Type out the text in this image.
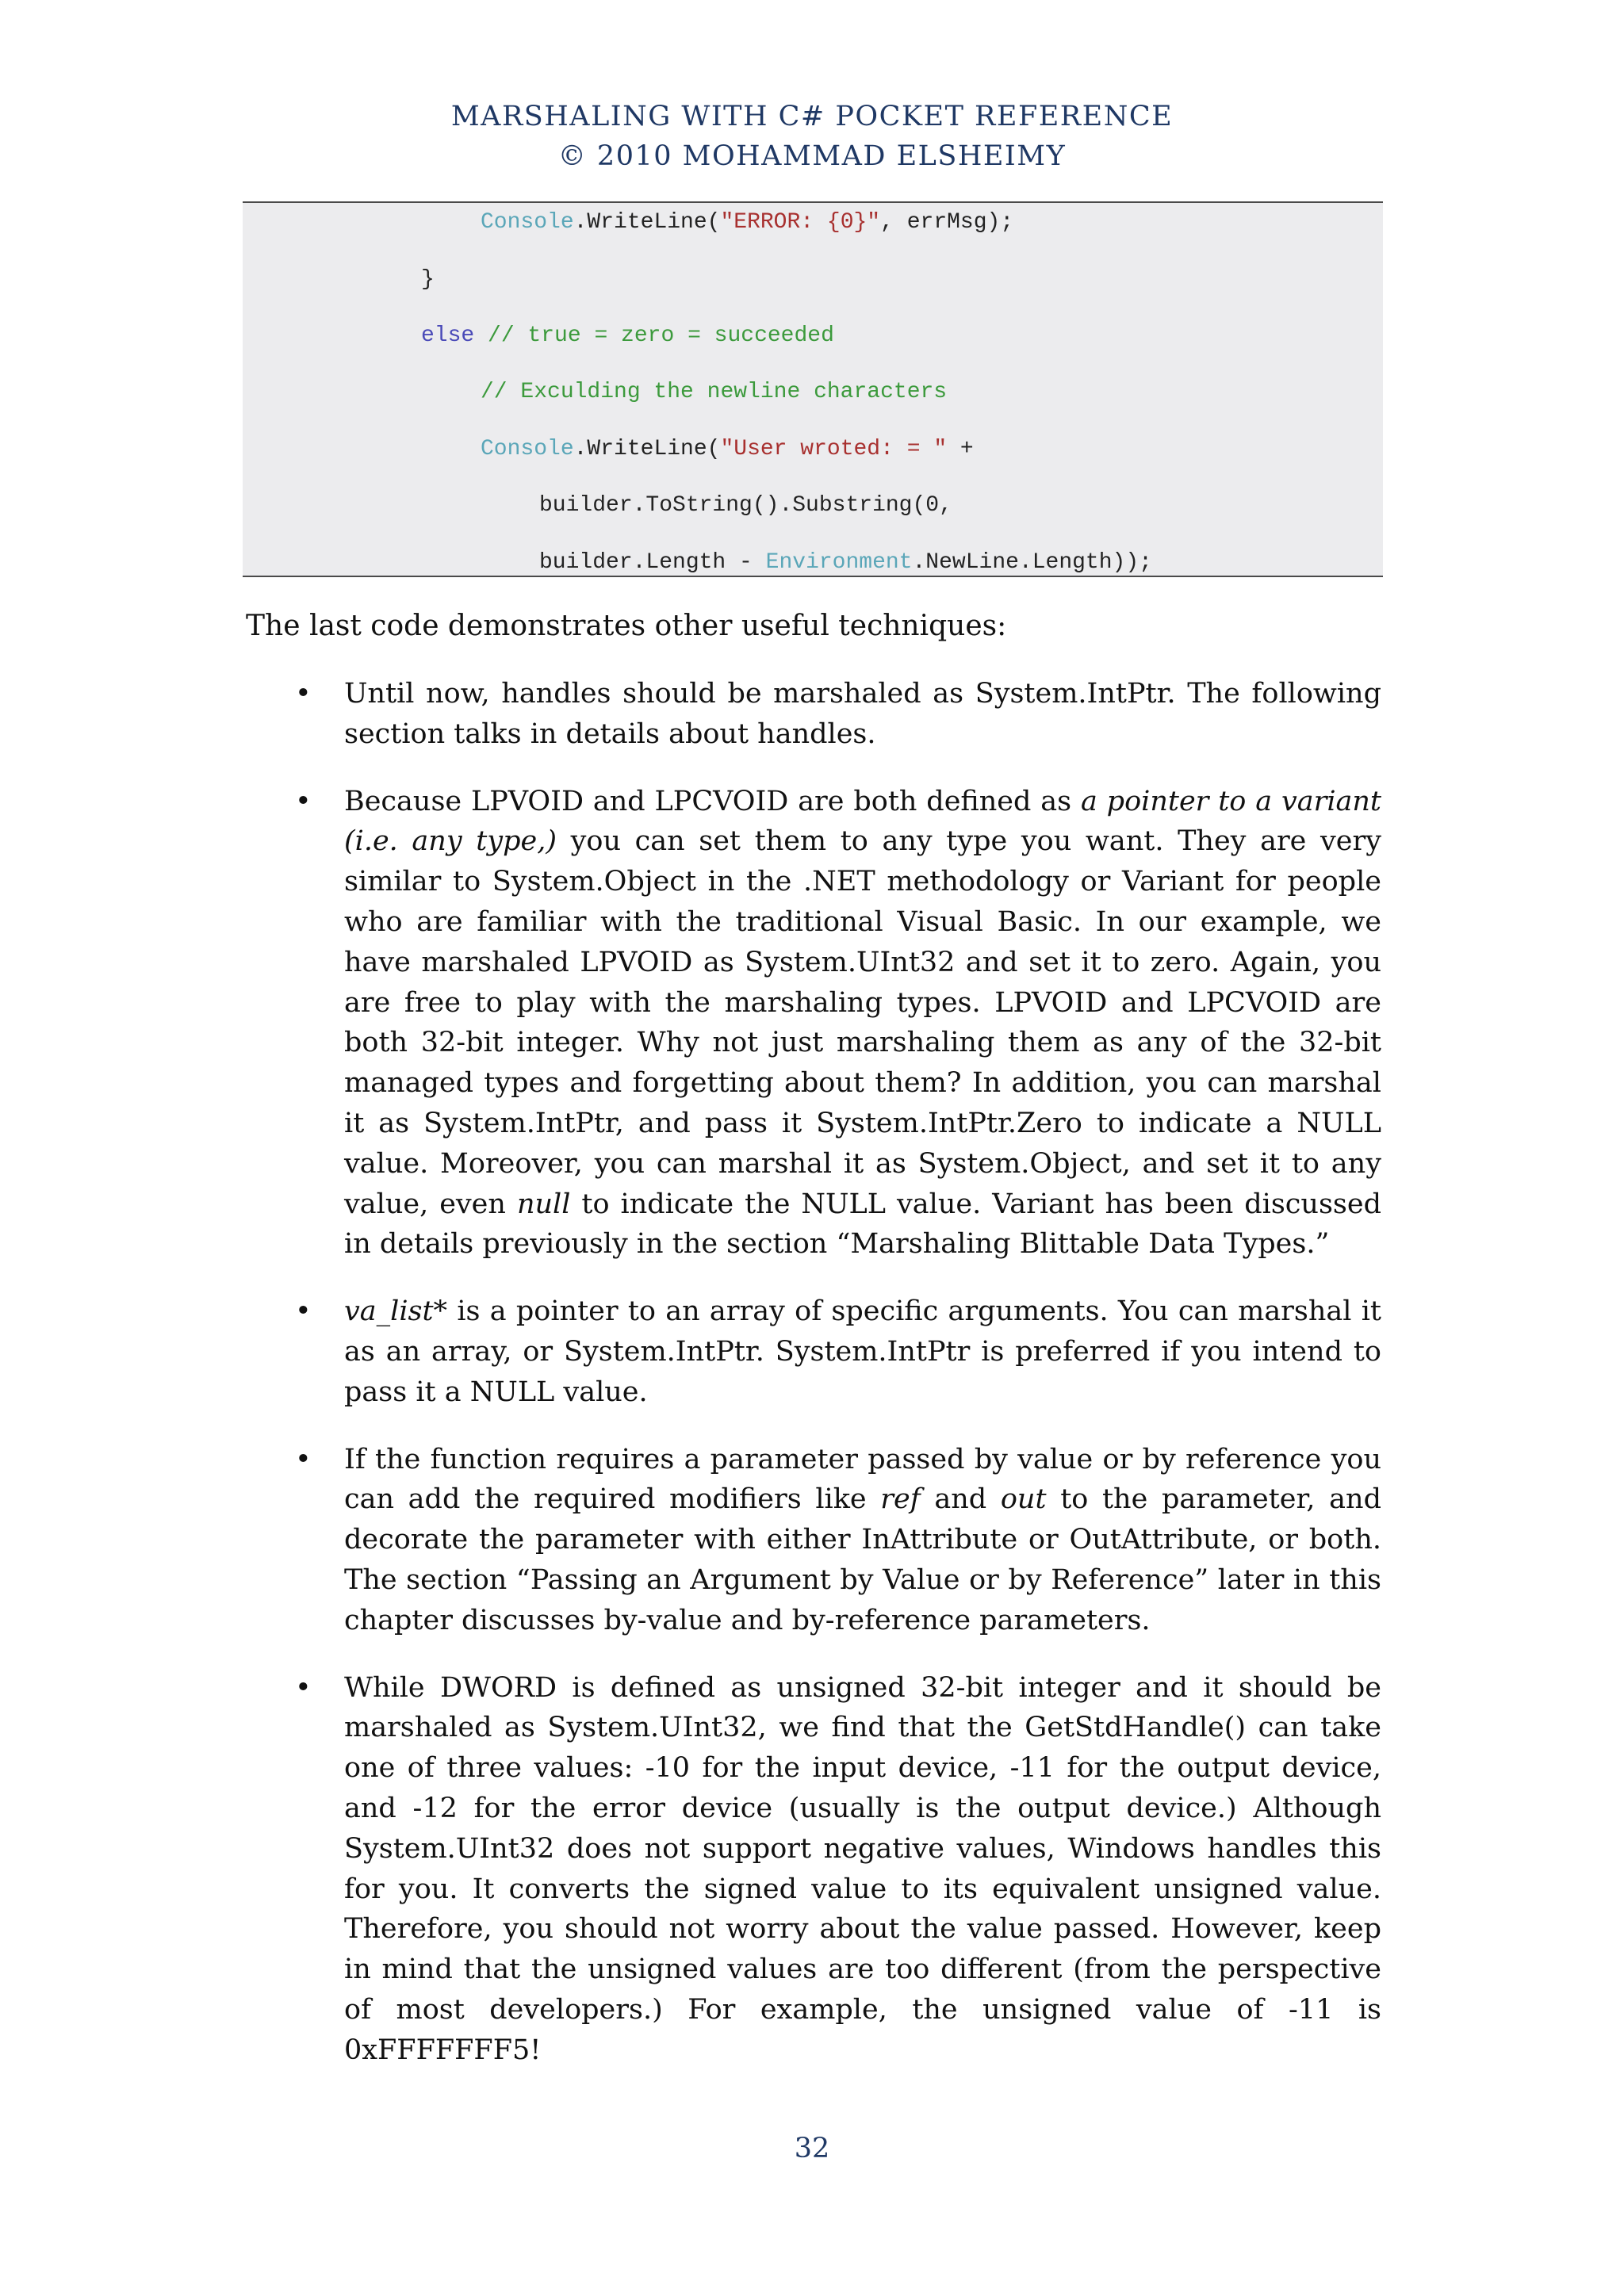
MARSHALING WITH C# POCKET REFERENCE
© 2010 MOHAMMAD ELSHEIMY
Console.WriteLine("ERROR: {0}", errMsg);
}
else // true = zero = succeeded
// Exculding the newline characters
Console.WriteLine("User wroted: = " +
builder.ToString().Substring(0,
builder.Length - Environment.NewLine.Length));
The last code demonstrates other useful techniques:
• Until now, handles should be marshaled as System.IntPtr. The following section talks in details about handles.
• Because LPVOID and LPCVOID are both defined as a pointer to a variant (i.e. any type,) you can set them to any type you want. They are very similar to System.Object in the .NET methodology or Variant for people who are familiar with the traditional Visual Basic. In our example, we have marshaled LPVOID as System.UInt32 and set it to zero. Again, you are free to play with the marshaling types. LPVOID and LPCVOID are both 32-bit integer. Why not just marshaling them as any of the 32-bit managed types and forgetting about them? In addition, you can marshal it as System.IntPtr, and pass it System.IntPtr.Zero to indicate a NULL value. Moreover, you can marshal it as System.Object, and set it to any value, even null to indicate the NULL value. Variant has been discussed in details previously in the section “Marshaling Blittable Data Types.”
• va_list* is a pointer to an array of specific arguments. You can marshal it as an array, or System.IntPtr. System.IntPtr is preferred if you intend to pass it a NULL value.
• If the function requires a parameter passed by value or by reference you can add the required modifiers like ref and out to the parameter, and decorate the parameter with either InAttribute or OutAttribute, or both. The section “Passing an Argument by Value or by Reference” later in this chapter discusses by-value and by-reference parameters.
• While DWORD is defined as unsigned 32-bit integer and it should be marshaled as System.UInt32, we find that the GetStdHandle() can take one of three values: -10 for the input device, -11 for the output device, and -12 for the error device (usually is the output device.) Although System.UInt32 does not support negative values, Windows handles this for you. It converts the signed value to its equivalent unsigned value. Therefore, you should not worry about the value passed. However, keep in mind that the unsigned values are too different (from the perspective of most developers.) For example, the unsigned value of -11 is 0xFFFFFFF5!
32
